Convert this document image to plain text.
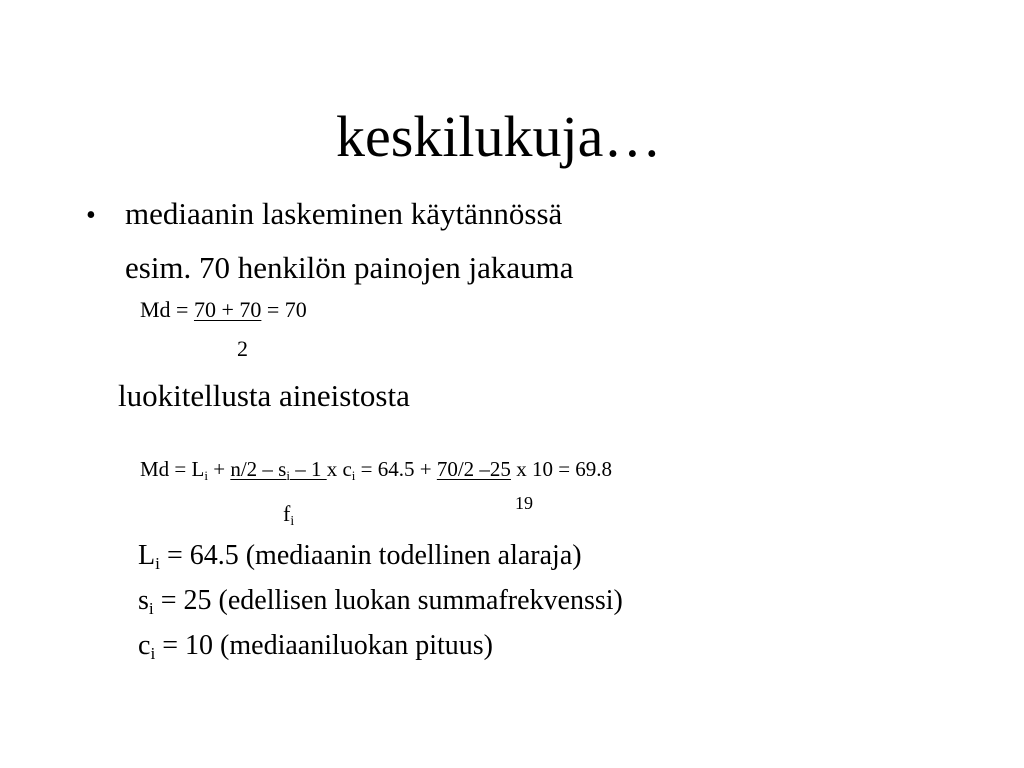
keskilukuja…
• mediaanin laskeminen käytännössä
esim. 70 henkilön painojen jakauma
Md = 70 + 70 = 70
2
luokitellusta aineistosta
$Md = L_i + n/2 - s_i - 1$ x $c_i = 64.5 + 70/2$ –25 x 10 = 69.8
$f_i$
19
$L_i = 64.5$ (mediaanin todellinen alaraja)
$s_i = 25$ (edellisen luokan summafrekvenssi)
$c_i = 10$ (mediaaniluokan pituus)
